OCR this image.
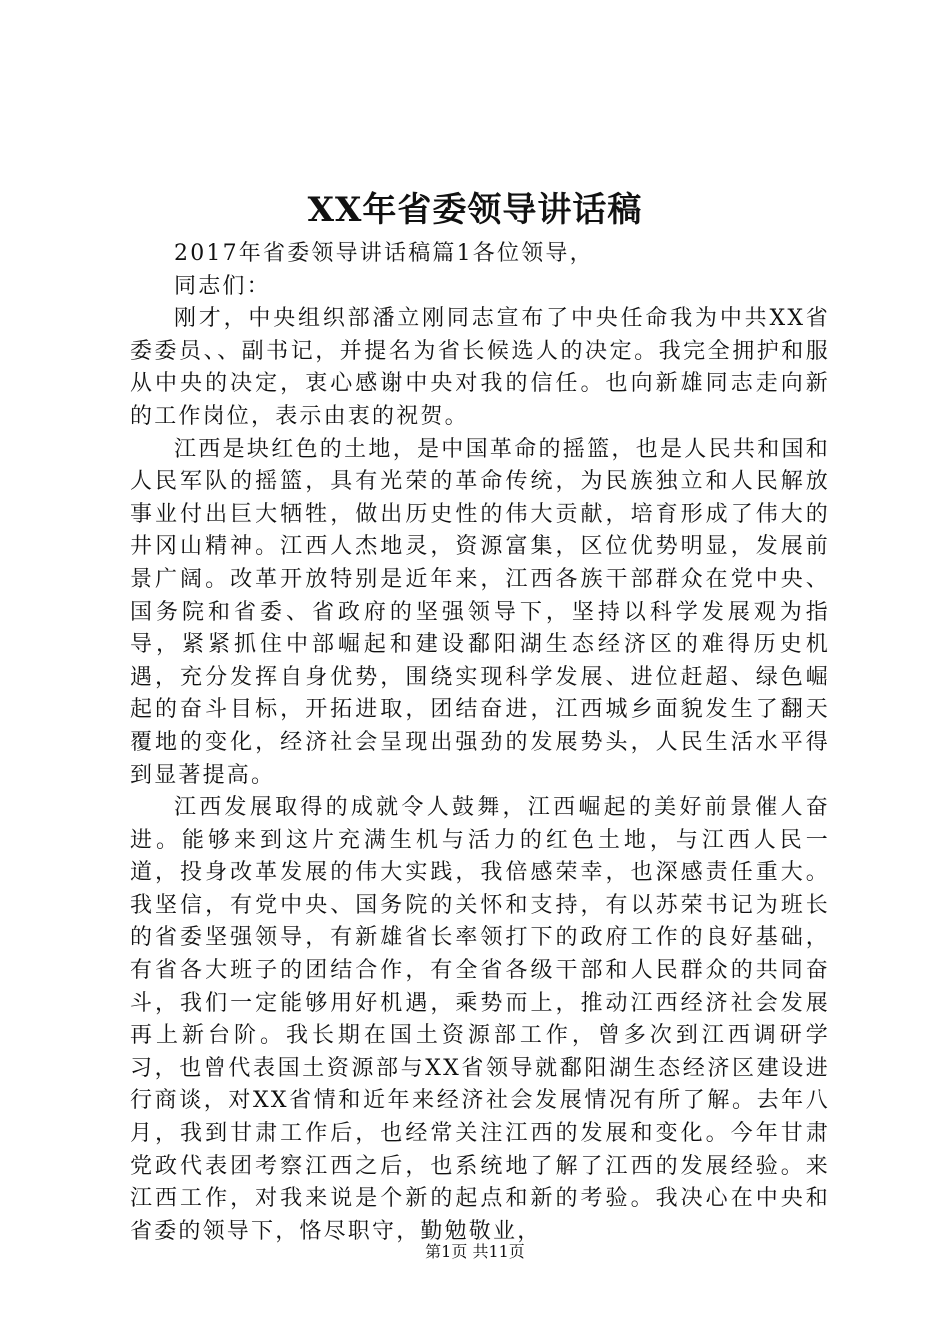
XX年省委领导讲话稿

2017年省委领导讲话稿篇1各位领导，

同志们：

刚才，中央组织部潘立刚同志宣布了中央任命我为中共XX省委委员、、副书记，并提名为省长候选人的决定。我完全拥护和服从中央的决定，衷心感谢中央对我的信任。也向新雄同志走向新的工作岗位，表示由衷的祝贺。

江西是块红色的土地，是中国革命的摇篮，也是人民共和国和人民军队的摇篮，具有光荣的革命传统，为民族独立和人民解放事业付出巨大牺牲，做出历史性的伟大贡献，培育形成了伟大的井冈山精神。江西人杰地灵，资源富集，区位优势明显，发展前景广阔。改革开放特别是近年来，江西各族干部群众在党中央、国务院和省委、省政府的坚强领导下，坚持以科学发展观为指导，紧紧抓住中部崛起和建设鄱阳湖生态经济区的难得历史机遇，充分发挥自身优势，围绕实现科学发展、进位赶超、绿色崛起的奋斗目标，开拓进取，团结奋进，江西城乡面貌发生了翻天覆地的变化，经济社会呈现出强劲的发展势头，人民生活水平得到显著提高。

江西发展取得的成就令人鼓舞，江西崛起的美好前景催人奋进。能够来到这片充满生机与活力的红色土地，与江西人民一道，投身改革发展的伟大实践，我倍感荣幸，也深感责任重大。我坚信，有党中央、国务院的关怀和支持，有以苏荣书记为班长的省委坚强领导，有新雄省长率领打下的政府工作的良好基础，有省各大班子的团结合作，有全省各级干部和人民群众的共同奋斗，我们一定能够用好机遇，乘势而上，推动江西经济社会发展再上新台阶。我长期在国土资源部工作，曾多次到江西调研学习，也曾代表国土资源部与XX省领导就鄱阳湖生态经济区建设进行商谈，对XX省情和近年来经济社会发展情况有所了解。去年八月，我到甘肃工作后，也经常关注江西的发展和变化。今年甘肃党政代表团考察江西之后，也系统地了解了江西的发展经验。来江西工作，对我来说是个新的起点和新的考验。我决心在中央和省委的领导下，恪尽职守，勤勉敬业，

第1页 共11页
